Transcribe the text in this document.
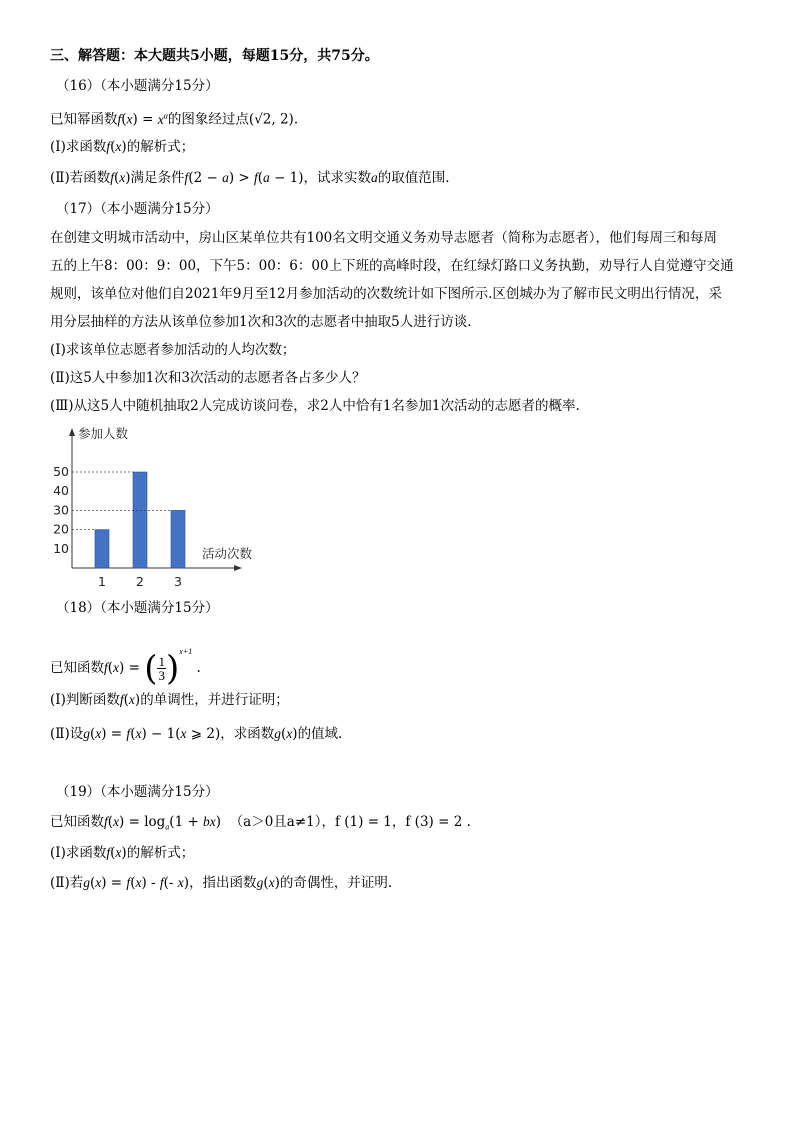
三、解答题：本大题共5小题，每题15分，共75分。
（16）（本小题满分15分）
已知幂函数$f(x) = x^\alpha$的图象经过点(√2, 2).
(Ⅰ)求函数f(x)的解析式；
(Ⅱ)若函数f(x)满足条件f(2 − a) > f(a − 1)，试求实数a的取值范围.
（17）（本小题满分15分）
在创建文明城市活动中，房山区某单位共有100名文明交通义务劝导志愿者（简称为志愿者），他们每周三和每周
五的上午8：00：9：00，下午5：00：6：00上下班的高峰时段，在红绿灯路口义务执勤，劝导行人自觉遵守交通
规则，该单位对他们自2021年9月至12月参加活动的次数统计如下图所示.区创城办为了解市民文明出行情况，采
用分层抽样的方法从该单位参加1次和3次的志愿者中抽取5人进行访谈.
(Ⅰ)求该单位志愿者参加活动的人均次数；
(Ⅱ)这5人中参加1次和3次活动的志愿者各占多少人？
(Ⅲ)从这5人中随机抽取2人完成访谈问卷，求2人中恰有1名参加1次活动的志愿者的概率.
参加人数
活动次数
10
20
30
40
50
1 2 3
（18）（本小题满分15分）
已知函数f(x) = ( $\frac{1}{3} )^{x+1}$ .
(Ⅰ)判断函数f(x)的单调性，并进行证明；
(Ⅱ)设g(x) = f(x) − 1(x ⩾ 2)，求函数g(x)的值域.
（19）（本小题满分15分）
已知函数$f(x) = \log_a(1 + bx)$  （a＞0且a≠1），f (1) = 1，f (3) = 2 .
(Ⅰ)求函数f(x)的解析式；
(Ⅱ)若g(x) = f(x) - f(- x)，指出函数g(x)的奇偶性，并证明.
